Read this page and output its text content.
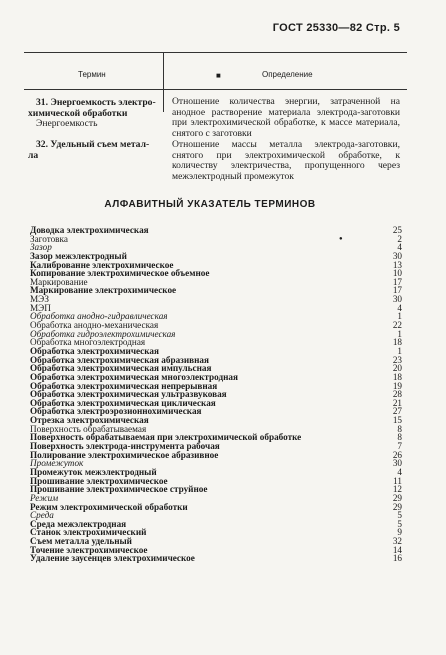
ГОСТ 25330—82 Стр. 5
Термин	■	Определение
31. Энергоемкость электро-
химической обработки
Энергоемкость
Отношение количества энергии, затраченной на анодное растворение материала электрода-заготовки при электрохимической обработке, к массе материала, снятого с заготовки
32. Удельный съем метал-
ла
Отношение массы металла электрода-заготовки, снятого при электрохимической обработке, к количеству электричества, пропущенного через межэлектродный промежуток
АЛФАВИТНЫЙ УКАЗАТЕЛЬ ТЕРМИНОВ
Доводка электрохимическая	25
Заготовка	2
Зазор	4
Зазор межэлектродный	30
Калиброванне электрохимическое	13
Копирование электрохимическое объемное	10
Маркирование	17
Маркирование электрохимическое	17
МЭЗ	30
МЭП	4
Обработка анодно-гидравлическая	1
Обработка анодно-механическая	22
Обработка гидроэлектрохимическая	1
Обработка многоэлектродная	18
Обработка электрохимическая	1
Обработка электрохимическая абразивная	23
Обработка электрохимическая импульсная	20
Обработка электрохимическая многоэлектродная	18
Обработка электрохимическая непрерывная	19
Обработка электрохимическая ультразвуковая	28
Обработка электрохимическая циклическая	21
Обработка электроэрозионнохимическая	27
Отрезка электрохимическая	15
Поверхность обрабатываемая	8
Поверхность обрабатываемая при электрохимической обработке	8
Поверхность электрода-инструмента рабочая	7
Полирование электрохимическое абразивное	26
Промежуток	30
Промежуток межэлектродный	4
Прошивание электрохимическое	11
Прошивание электрохимическое струйное	12
Режим	29
Режим электрохимической обработки	29
Среда	5
Среда межэлектродная	5
Станок электрохимический	9
Съем металла удельный	32
Точение электрохимическое	14
Удаление заусенцев электрохимическое	16
●
